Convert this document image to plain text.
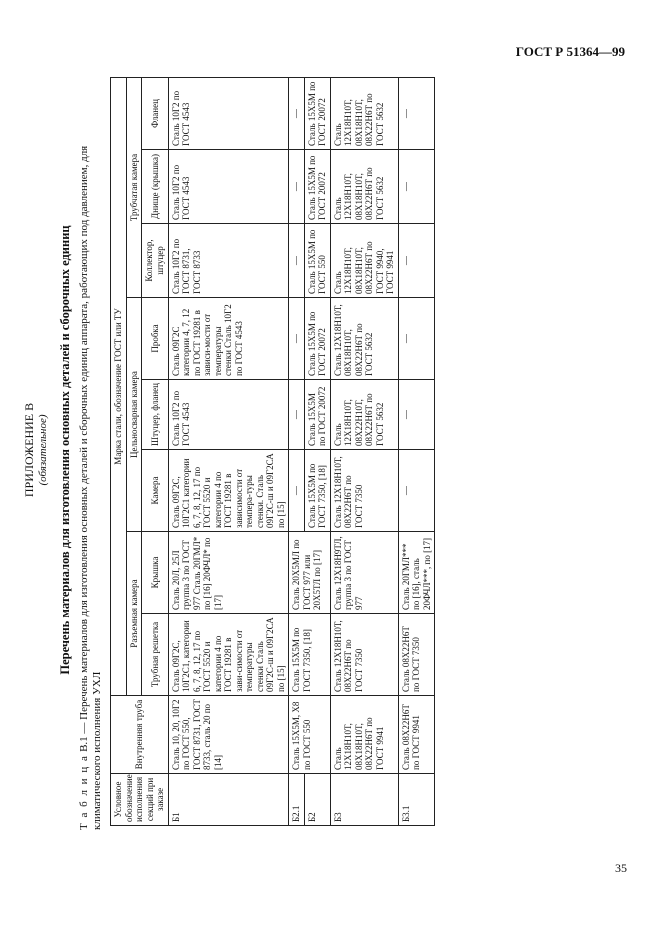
ГОСТ Р 51364—99
35
ПРИЛОЖЕНИЕ В (обязательное) Перечень материалов для изготовления основных деталей и сборочных единиц
Т а б л и ц а В.1 — Перечень материалов для изготовления основных деталей и сборочных единиц аппарата, работающих под давлением, для климатического исполнения УХЛ Условное обозначение исполнения секций при заказе	Внутренняя труба	Марка стали, обозначение ГОСТ или ТУ							
		Разъемная камера		Цельносварная камера			Трубчатая камера		
		Трубная решетка	Крышка	Камера	Штуцер, фланец	Пробка	Коллектор, штуцер	Днище (крышка)	Фланец
Б1	Сталь 10, 20, 10Г2 по ГОСТ 550, ГОСТ 8731, ГОСТ 8733, сталь 20 по [14]	Сталь 09Г2С, 10Г2С1, категории 6, 7, 8, 12, 17 по ГОСТ 5520 и категории 4 по ГОСТ 19281 в зави-симости от температуры стенки Сталь 09Г2С-ш и 09Г2СА по [15]	Сталь 20Л, 25Л группа 3 по ГОСТ 977 Сталь 20ГМЛ* по [16] 20ФЧЛ* по [17]	Сталь 09Г2С, 10Г2С1 категории 6, 7, 8, 12, 17 по ГОСТ 5520 и категории 4 по ГОСТ 19281 в зависимости от темпера-туры стенки. Сталь 09Г2С-ш и 09Г2СА по [15]	Сталь 10Г2 по ГОСТ 4543	Сталь 09Г2С категории 4, 7, 12 по ГОСТ 19281 в зависи-мости от температуры стенки Сталь 10Г2 по ГОСТ 4543	Сталь 10Г2 по ГОСТ 8731, ГОСТ 8733	Сталь 10Г2 по ГОСТ 4543	Сталь 10Г2 по ГОСТ 4543
Б2.1	Сталь 15Х5М, Х8 по ГОСТ 550	Сталь 15Х5М по ГОСТ 7350, [18]	Сталь 20Х5МЛ по ГОСТ 977 или 20Х5ТЛ по [17]	—	—	—	—	—	—
Б2				Сталь 15Х5М по ГОСТ 7350, [18]	Сталь 15Х5М по ГОСТ 20072	Сталь 15Х5М по ГОСТ 20072	Сталь 15Х5М по ГОСТ 550	Сталь 15Х5М по ГОСТ 20072	Сталь 15Х5М по ГОСТ 20072
Б3	Сталь 12Х18Н10Т, 08Х18Н10Т, 08Х22Н6Т по ГОСТ 9941	Сталь 12Х18Н10Т, 08Х22Н6Т по ГОСТ 7350	Сталь 12Х18Н9ТЛ, группа 3 по ГОСТ 977	Сталь 12Х18Н10Т, 08Х22Н6Т по ГОСТ 7350	Сталь 12Х18Н10Т, 08Х22Н10Т, 08Х22Н6Т по ГОСТ 5632	Сталь 12Х18Н10Т, 08Х18Н10Т, 08Х22Н6Т по ГОСТ 5632	Сталь 12Х18Н10Т, 08Х18Н10Т, 08Х22Н6Т по ГОСТ 9940, ГОСТ 9941	Сталь 12Х18Н10Т, 08Х18Н10Т, 08Х22Н6Т по ГОСТ 5632	Сталь 12Х18Н10Т, 08Х18Н10Т, 08Х22Н6Т по ГОСТ 5632
Б3.1	Сталь 08Х22Н6Т по ГОСТ 9941	Сталь 08Х22Н6Т по ГОСТ 7350	Сталь 20ГМЛ*** по [16], сталь 20ФЧЛ***, по [17]	—	—	—	—	—	—
